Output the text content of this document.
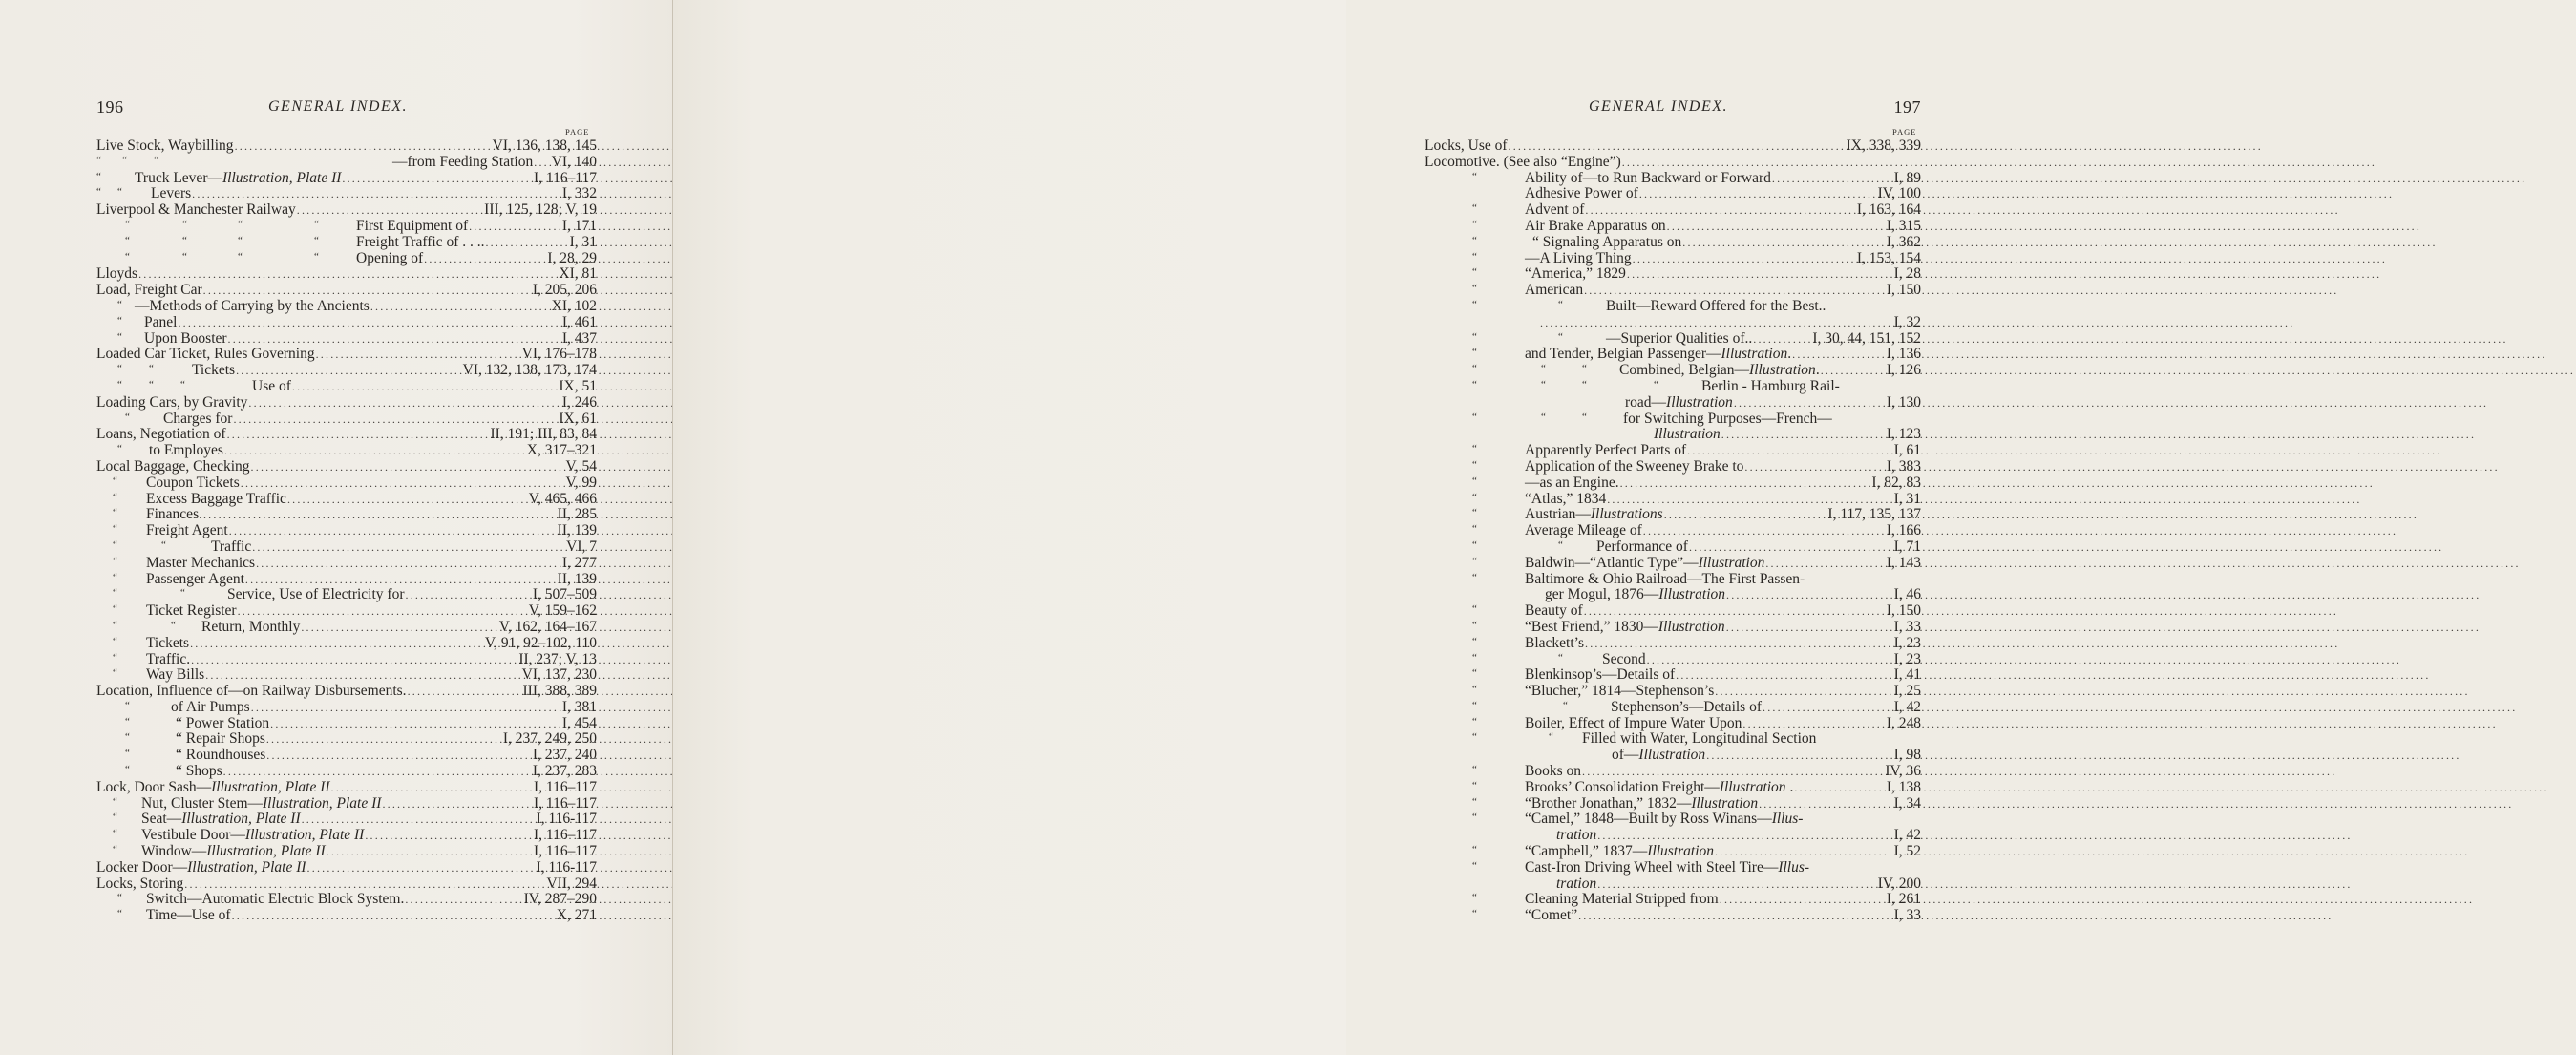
196	GENERAL INDEX.
PAGE
Live Stock, Waybilling .....	VI, 136, 138, 145
“ “	“	—from Feeding Station ..... VI, 140
“ Truck Lever—Illustration, Plate II .....	I, 116–117
“ “ Levers .....	I, 332
Liverpool & Manchester Railway .....	III, 125, 128; V, 19
“	“	“	“	First Equipment of .....	I, 171
“	“	“	“	Freight Traffic of . . .. .....	I, 31
“	“	“	“	Opening of .....	I, 28, 29
Lloyds .....	XI, 81
Load, Freight Car .....	I, 205, 206
“ —Methods of Carrying by the Ancients .....	XI, 102
“ Panel .....	I, 461
“ Upon Booster .....	I, 437
Loaded Car Ticket, Rules Governing .....	VI, 176–178
“	“	Tickets .....	VI, 132, 138, 173, 174
“	“	“	Use of .....	IX, 51
Loading Cars, by Gravity .....	I, 246
“ Charges for .....	IX, 61
Loans, Negotiation of .....	II, 191; III, 83, 84
“ to Employes .....	X, 317–321
Local Baggage, Checking .....	V, 54
“ Coupon Tickets .....	V, 99
“ Excess Baggage Traffic .....	V, 465, 466
“ Finances. .....	II, 285
“ Freight Agent .....	II, 139
“	“	Traffic .....	VI, 7
“ Master Mechanics .....	I, 277
“ Passenger Agent .....	II, 139
“	“	Service, Use of Electricity for .....	I, 507–509
“ Ticket Register .....	V, 159–162
“	“ Return, Monthly .....	V, 162, 164–167
“ Tickets .....	V, 91, 92–102, 110
“ Traffic. .....	II, 237; V, 13
“ Way Bills .....	VI, 137, 230
Location, Influence of—on Railway Disbursements. .....	III, 388, 389
“	of Air Pumps .....	I, 381
“	“ Power Station .....	I, 454
“	“ Repair Shops .....	I, 237, 249, 250
“	“ Roundhouses .....	I, 237, 240
“	“ Shops .....	I, 237, 283
Lock, Door Sash—Illustration, Plate II .....	I, 116–117
“ Nut, Cluster Stem—Illustration, Plate II .....	I, 116–117
“ Seat—Illustration, Plate II .....	I, 116-117
“ Vestibule Door—Illustration, Plate II .....	I, 116–117
“ Window—Illustration, Plate II .....	I, 116–117
Locker Door—Illustration, Plate II .....	I, 116-117
Locks, Storing .....	VII, 294
“ Switch—Automatic Electric Block System. .....	IV, 287–290
“ Time—Use of .....	X, 271
GENERAL INDEX.	197
PAGE
Locks, Use of .....	IX, 338, 339
Locomotive. (See also “Engine”)
.....
“	Ability of—to Run Backward or Forward .....	I, 89
Adhesive Power of .....	IV, 100
“	Advent of .....	I, 163, 164
“	Air Brake Apparatus on .....	I, 315
“	“ Signaling Apparatus on .....	I, 362
“	—A Living Thing .....	I, 153, 154
“	“America,” 1829 .....	I, 28
“	American .....	I, 150
“	“	Built—Reward Offered for the Best..
.....
I, 32
“	“	—Superior Qualities of.. .....	I, 30, 44, 151, 152
“	and Tender, Belgian Passenger—Illustration. .....	I, 136
“	“	“ Combined, Belgian—Illustration. .....	I, 126
“	“	“	“	Berlin - Hamburg Rail-
road—Illustration .....	I, 130
“	“	“ for Switching Purposes—French—
Illustration .....	I, 123
“	Apparently Perfect Parts of .....	I, 61
“	Application of the Sweeney Brake to .....	I, 383
“	—as an Engine. .....	I, 82, 83
“	“Atlas,” 1834 .....	I, 31
“	Austrian—Illustrations .....	I, 117, 135, 137
“	Average Mileage of .....	I, 166
“	“ Performance of .....	I, 71
“	Baldwin—“Atlantic Type”—Illustration .....	I, 143
“	Baltimore & Ohio Railroad—The First Passen-
ger Mogul, 1876—Illustration .....	I, 46
“	Beauty of .....	I, 150
“	“Best Friend,” 1830—Illustration .....	I, 33
“	Blackett’s .....	I, 23
“	“	Second .....	I, 23
“	Blenkinsop’s—Details of .....	I, 41
“	“Blucher,” 1814—Stephenson’s .....	I, 25
“	“	Stephenson’s—Details of .....	I, 42
“	Boiler, Effect of Impure Water Upon .....	I, 248
“	“ Filled with Water, Longitudinal Section
of—Illustration .....	I, 98
“	Books on .....	IV, 36
“	Brooks’ Consolidation Freight—Illustration . .....	I, 138
“	“Brother Jonathan,” 1832—Illustration .....	I, 34
“	“Camel,” 1848—Built by Ross Winans—Illus-
tration .....	I, 42
“	“Campbell,” 1837—Illustration .....	I, 52
“	Cast-Iron Driving Wheel with Steel Tire—Illus-
tration .....	IV, 200
“	Cleaning Material Stripped from .....	I, 261
“	“Comet” .....	I, 33
